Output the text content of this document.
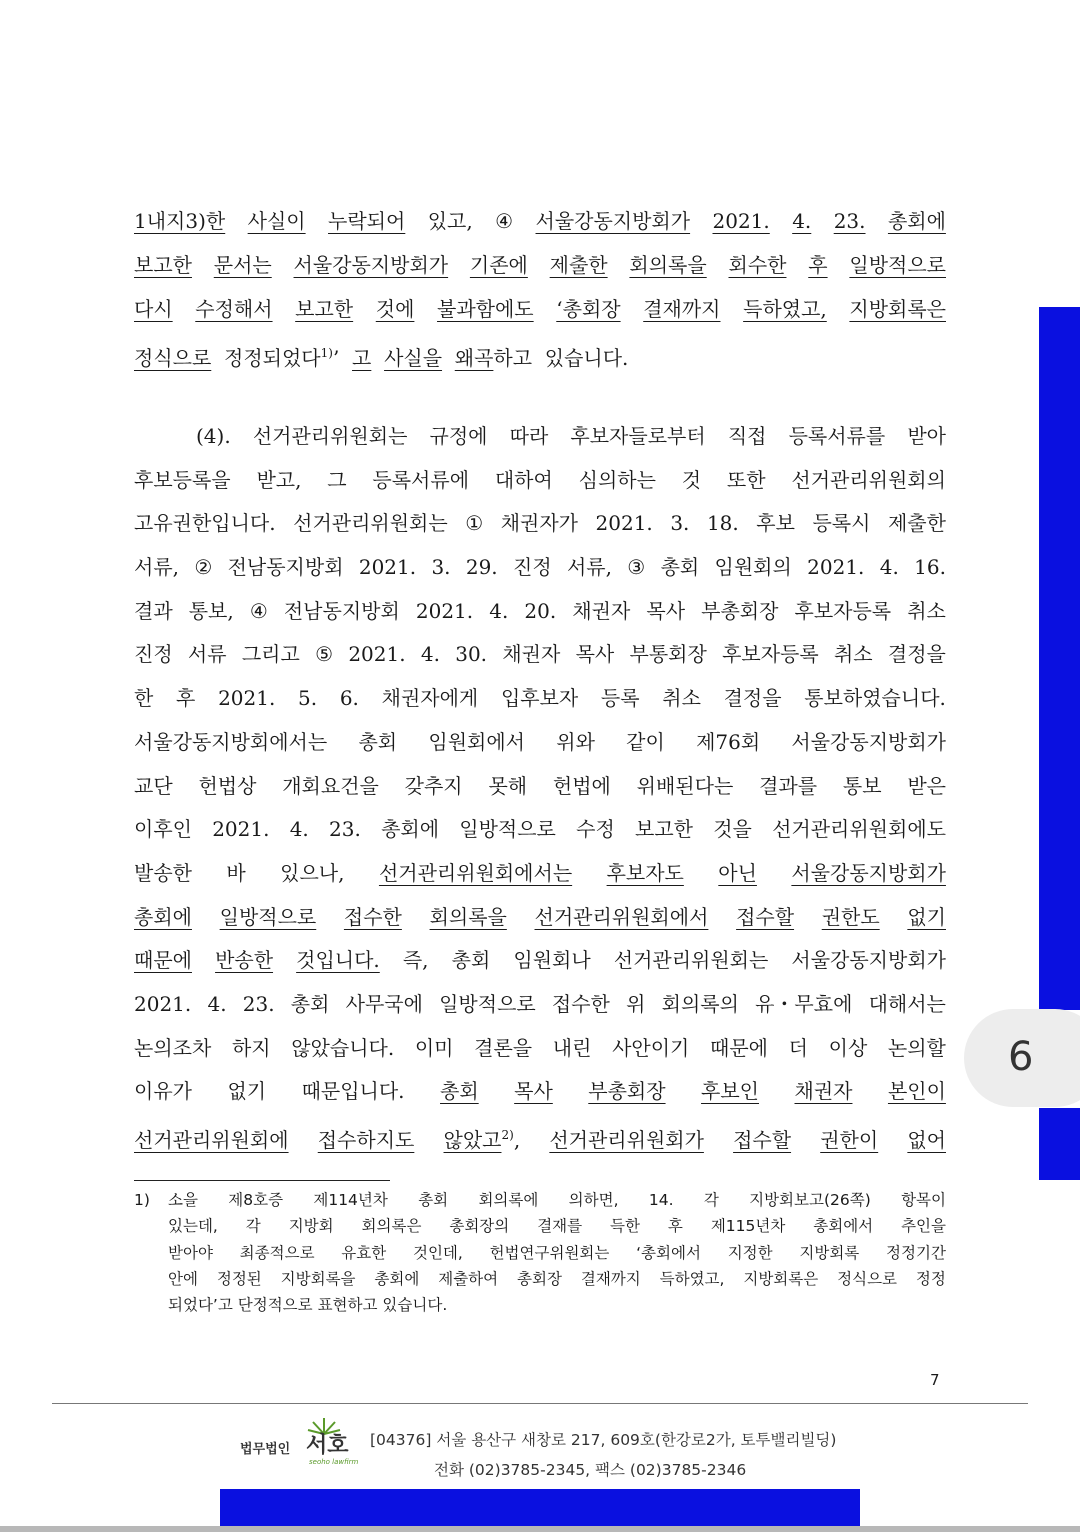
1내지3)한 사실이 누락되어 있고, ④ 서울강동지방회가 2021. 4. 23. 총회에
보고한 문서는 서울강동지방회가 기존에 제출한 회의록을 회수한 후 일방적으로
다시 수정해서 보고한 것에 불과함에도 ‘총회장 결재까지 득하였고, 지방회록은
정식으로
정정되었다1)’
고
사실을
왜곡하고
있습니다.
(4). 선거관리위원회는 규정에 따라 후보자들로부터 직접 등록서류를 받아
후보등록을 받고, 그 등록서류에 대하여 심의하는 것 또한 선거관리위원회의
고유권한입니다. 선거관리위원회는 ① 채권자가 2021. 3. 18. 후보 등록시 제출한
서류, ② 전남동지방회 2021. 3. 29. 진정 서류, ③ 총회 임원회의 2021. 4. 16.
결과 통보, ④ 전남동지방회 2021. 4. 20. 채권자 목사 부총회장 후보자등록 취소
진정 서류 그리고 ⑤ 2021. 4. 30. 채권자 목사 부통회장 후보자등록 취소 결정을
한 후 2021. 5. 6. 채권자에게 입후보자 등록 취소 결정을 통보하였습니다.
서울강동지방회에서는 총회 임원회에서 위와 같이 제76회 서울강동지방회가
교단 헌법상 개회요건을 갖추지 못해 헌법에 위배된다는 결과를 통보 받은
이후인 2021. 4. 23. 총회에 일방적으로 수정 보고한 것을 선거관리위원회에도
발송한 바 있으나, 선거관리위원회에서는 후보자도 아닌 서울강동지방회가
총회에 일방적으로 접수한 회의록을 선거관리위원회에서 접수할 권한도 없기
때문에 반송한 것입니다. 즉, 총회 임원회나 선거관리위원회는 서울강동지방회가
2021. 4. 23. 총회 사무국에 일방적으로 접수한 위 회의록의 유・무효에 대해서는
논의조차 하지 않았습니다. 이미 결론을 내린 사안이기 때문에 더 이상 논의할
이유가 없기 때문입니다. 총회 목사 부총회장 후보인 채권자 본인이
선거관리위원회에 접수하지도 않았고2), 선거관리위원회가 접수할 권한이 없어
1) 소을 제8호증 제114년차 총회 회의록에 의하면, 14. 각 지방회보고(26쪽) 항목이
있는데, 각 지방회 회의록은 총회장의 결재를 득한 후 제115년차 총회에서 추인을
받아야 최종적으로 유효한 것인데, 헌법연구위원회는 ‘총회에서 지정한 지방회록 정정기간
안에 정정된 지방회록을 총회에 제출하여 총회장 결재까지 득하였고, 지방회록은 정식으로 정정
되었다’고
단정적으로
표현하고
있습니다.
7
법무법인 서호
seoho lawfirm
[04376] 서울 용산구 새창로 217, 609호(한강로2가, 토투밸리빌딩)
전화 (02)3785-2345, 팩스 (02)3785-2346
6
